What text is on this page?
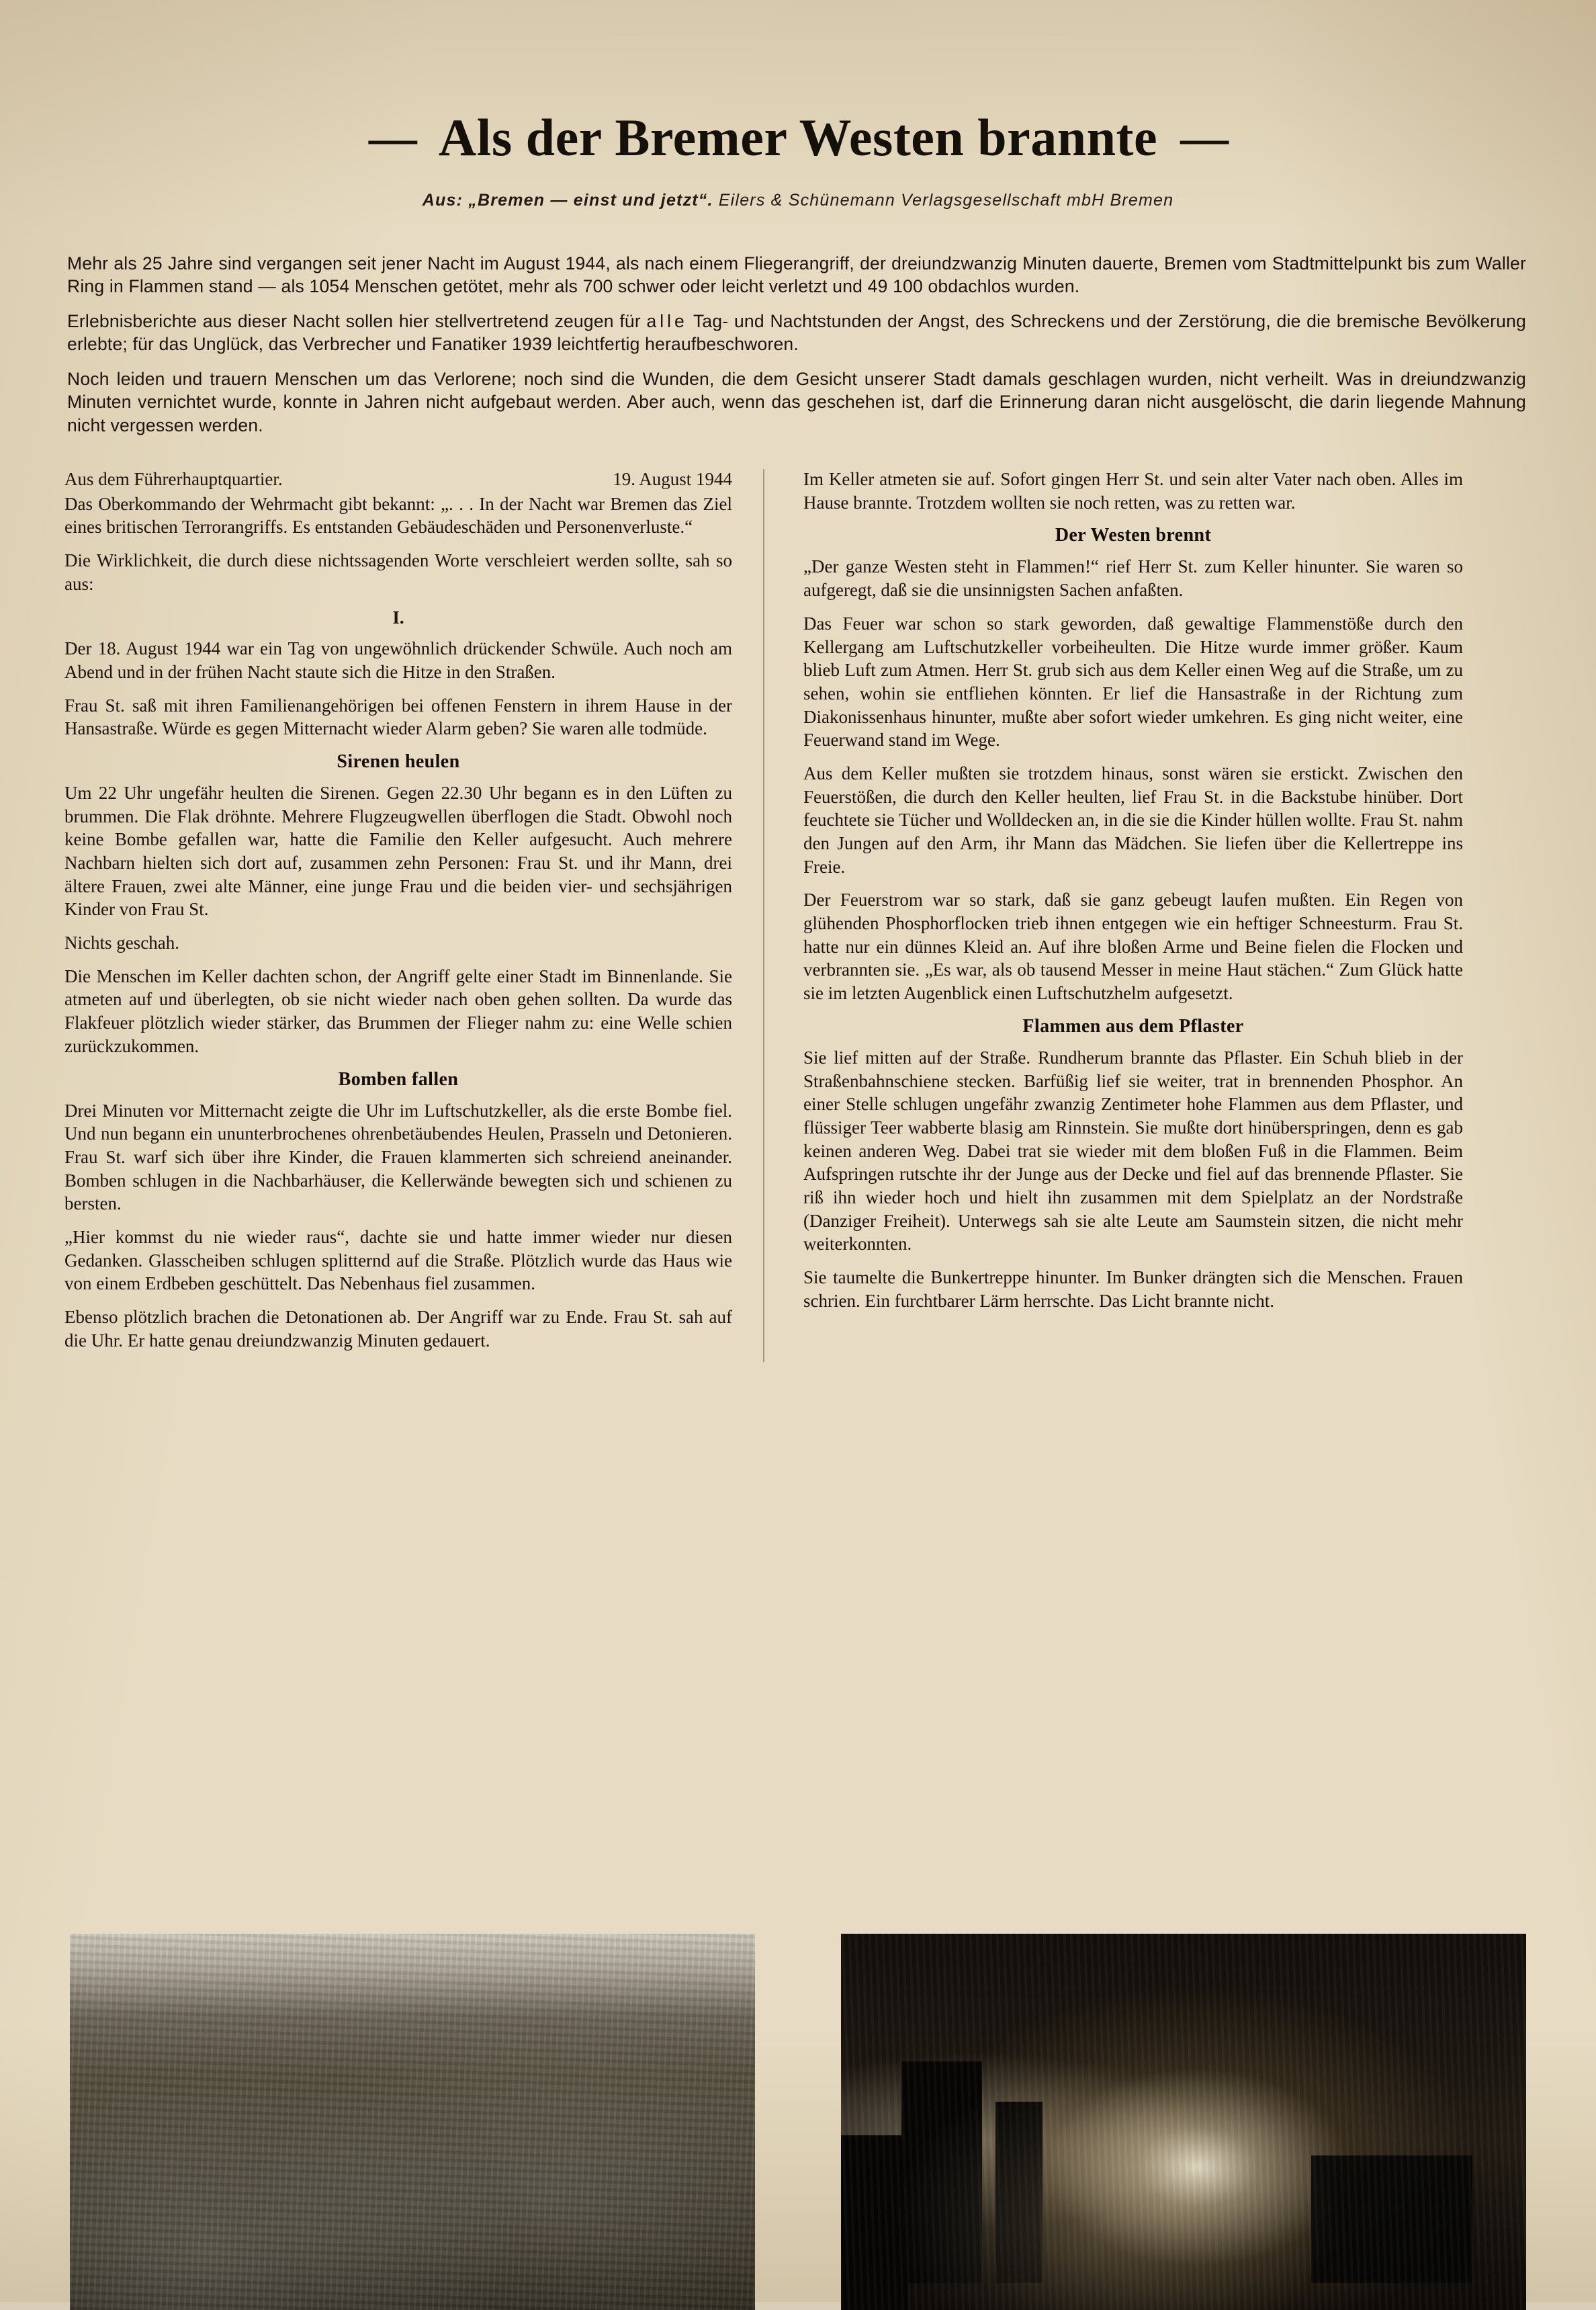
— Als der Bremer Westen brannte —
Aus: „Bremen — einst und jetzt“. Eilers & Schünemann Verlagsgesellschaft mbH Bremen

Mehr als 25 Jahre sind vergangen seit jener Nacht im August 1944, als nach einem Fliegerangriff, der dreiundzwanzig Minuten dauerte, Bremen vom Stadtmittelpunkt bis zum Waller Ring in Flammen stand — als 1054 Menschen getötet, mehr als 700 schwer oder leicht verletzt und 49 100 obdachlos wurden.

Erlebnisberichte aus dieser Nacht sollen hier stellvertretend zeugen für alle Tag- und Nachtstunden der Angst, des Schreckens und der Zerstörung, die die bremische Bevölkerung erlebte; für das Unglück, das Verbrecher und Fanatiker 1939 leichtfertig heraufbeschworen.

Noch leiden und trauern Menschen um das Verlorene; noch sind die Wunden, die dem Gesicht unserer Stadt damals geschlagen wurden, nicht verheilt. Was in dreiundzwanzig Minuten vernichtet wurde, konnte in Jahren nicht aufgebaut werden. Aber auch, wenn das geschehen ist, darf die Erinnerung daran nicht ausgelöscht, die darin liegende Mahnung nicht vergessen werden.

Aus dem Führerhauptquartier.	19. August 1944

Das Oberkommando der Wehrmacht gibt bekannt: „. . . In der Nacht war Bremen das Ziel eines britischen Terrorangriffs. Es entstanden Gebäudeschäden und Personenverluste.“

Die Wirklichkeit, die durch diese nichtssagenden Worte verschleiert werden sollte, sah so aus:

I.

Der 18. August 1944 war ein Tag von ungewöhnlich drückender Schwüle. Auch noch am Abend und in der frühen Nacht staute sich die Hitze in den Straßen.

Frau St. saß mit ihren Familienangehörigen bei offenen Fenstern in ihrem Hause in der Hansastraße. Würde es gegen Mitternacht wieder Alarm geben? Sie waren alle todmüde.

Sirenen heulen

Um 22 Uhr ungefähr heulten die Sirenen. Gegen 22.30 Uhr begann es in den Lüften zu brummen. Die Flak dröhnte. Mehrere Flugzeugwellen überflogen die Stadt. Obwohl noch keine Bombe gefallen war, hatte die Familie den Keller aufgesucht. Auch mehrere Nachbarn hielten sich dort auf, zusammen zehn Personen: Frau St. und ihr Mann, drei ältere Frauen, zwei alte Männer, eine junge Frau und die beiden vier- und sechsjährigen Kinder von Frau St.

Nichts geschah.

Die Menschen im Keller dachten schon, der Angriff gelte einer Stadt im Binnenlande. Sie atmeten auf und überlegten, ob sie nicht wieder nach oben gehen sollten. Da wurde das Flakfeuer plötzlich wieder stärker, das Brummen der Flieger nahm zu: eine Welle schien zurückzukommen.

Bomben fallen

Drei Minuten vor Mitternacht zeigte die Uhr im Luftschutzkeller, als die erste Bombe fiel. Und nun begann ein ununterbrochenes ohrenbetäubendes Heulen, Prasseln und Detonieren. Frau St. warf sich über ihre Kinder, die Frauen klammerten sich schreiend aneinander. Bomben schlugen in die Nachbarhäuser, die Kellerwände bewegten sich und schienen zu bersten.

„Hier kommst du nie wieder raus“, dachte sie und hatte immer wieder nur diesen Gedanken. Glasscheiben schlugen splitternd auf die Straße. Plötzlich wurde das Haus wie von einem Erdbeben geschüttelt. Das Nebenhaus fiel zusammen.

Ebenso plötzlich brachen die Detonationen ab. Der Angriff war zu Ende. Frau St. sah auf die Uhr. Er hatte genau dreiundzwanzig Minuten gedauert.

Im Keller atmeten sie auf. Sofort gingen Herr St. und sein alter Vater nach oben. Alles im Hause brannte. Trotzdem wollten sie noch retten, was zu retten war.

Der Westen brennt

„Der ganze Westen steht in Flammen!“ rief Herr St. zum Keller hinunter. Sie waren so aufgeregt, daß sie die unsinnigsten Sachen anfaßten.

Das Feuer war schon so stark geworden, daß gewaltige Flammenstöße durch den Kellergang am Luftschutzkeller vorbeiheulten. Die Hitze wurde immer größer. Kaum blieb Luft zum Atmen. Herr St. grub sich aus dem Keller einen Weg auf die Straße, um zu sehen, wohin sie entfliehen könnten. Er lief die Hansastraße in der Richtung zum Diakonissenhaus hinunter, mußte aber sofort wieder umkehren. Es ging nicht weiter, eine Feuerwand stand im Wege.

Aus dem Keller mußten sie trotzdem hinaus, sonst wären sie erstickt. Zwischen den Feuerstößen, die durch den Keller heulten, lief Frau St. in die Backstube hinüber. Dort feuchtete sie Tücher und Wolldecken an, in die sie die Kinder hüllen wollte. Frau St. nahm den Jungen auf den Arm, ihr Mann das Mädchen. Sie liefen über die Kellertreppe ins Freie.

Der Feuerstrom war so stark, daß sie ganz gebeugt laufen mußten. Ein Regen von glühenden Phosphorflocken trieb ihnen entgegen wie ein heftiger Schneesturm. Frau St. hatte nur ein dünnes Kleid an. Auf ihre bloßen Arme und Beine fielen die Flocken und verbrannten sie. „Es war, als ob tausend Messer in meine Haut stächen.“ Zum Glück hatte sie im letzten Augenblick einen Luftschutzhelm aufgesetzt.

Flammen aus dem Pflaster

Sie lief mitten auf der Straße. Rundherum brannte das Pflaster. Ein Schuh blieb in der Straßenbahnschiene stecken. Barfüßig lief sie weiter, trat in brennenden Phosphor. An einer Stelle schlugen ungefähr zwanzig Zentimeter hohe Flammen aus dem Pflaster, und flüssiger Teer wabberte blasig am Rinnstein. Sie mußte dort hinüberspringen, denn es gab keinen anderen Weg. Dabei trat sie wieder mit dem bloßen Fuß in die Flammen. Beim Aufspringen rutschte ihr der Junge aus der Decke und fiel auf das brennende Pflaster. Sie riß ihn wieder hoch und hielt ihn zusammen mit dem Spielplatz an der Nordstraße (Danziger Freiheit). Unterwegs sah sie alte Leute am Saumstein sitzen, die nicht mehr weiterkonnten.

Sie taumelte die Bunkertreppe hinunter. Im Bunker drängten sich die Menschen. Frauen schrien. Ein furchtbarer Lärm herrschte. Das Licht brannte nicht.
